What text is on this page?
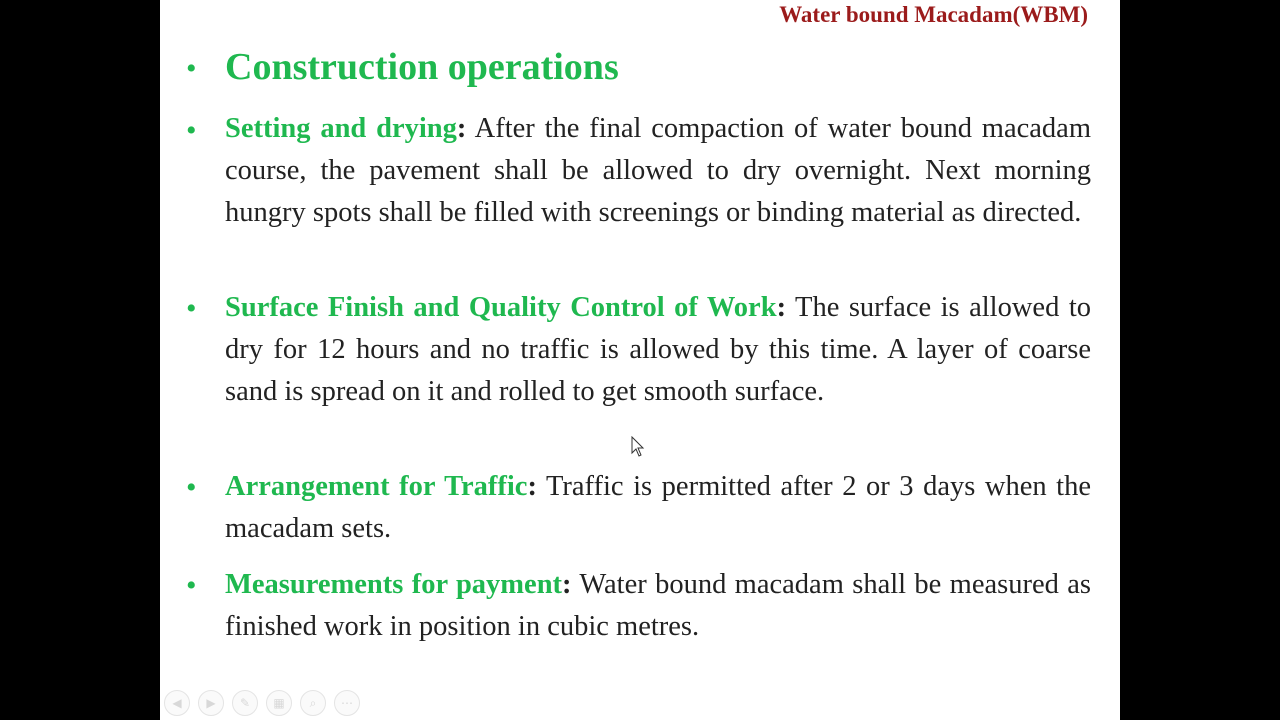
Water bound Macadam(WBM)
• Construction operations
• Setting and drying: After the final compaction of water bound macadam course, the pavement shall be allowed to dry overnight. Next morning hungry spots shall be filled with screenings or binding material as directed.
• Surface Finish and Quality Control of Work: The surface is allowed to dry for 12 hours and no traffic is allowed by this time. A layer of coarse sand is spread on it and rolled to get smooth surface.
• Arrangement for Traffic: Traffic is permitted after 2 or 3 days when the macadam sets.
• Measurements for payment: Water bound macadam shall be measured as finished work in position in cubic metres.
◀	▶	✎	▦	⌕	⋯
